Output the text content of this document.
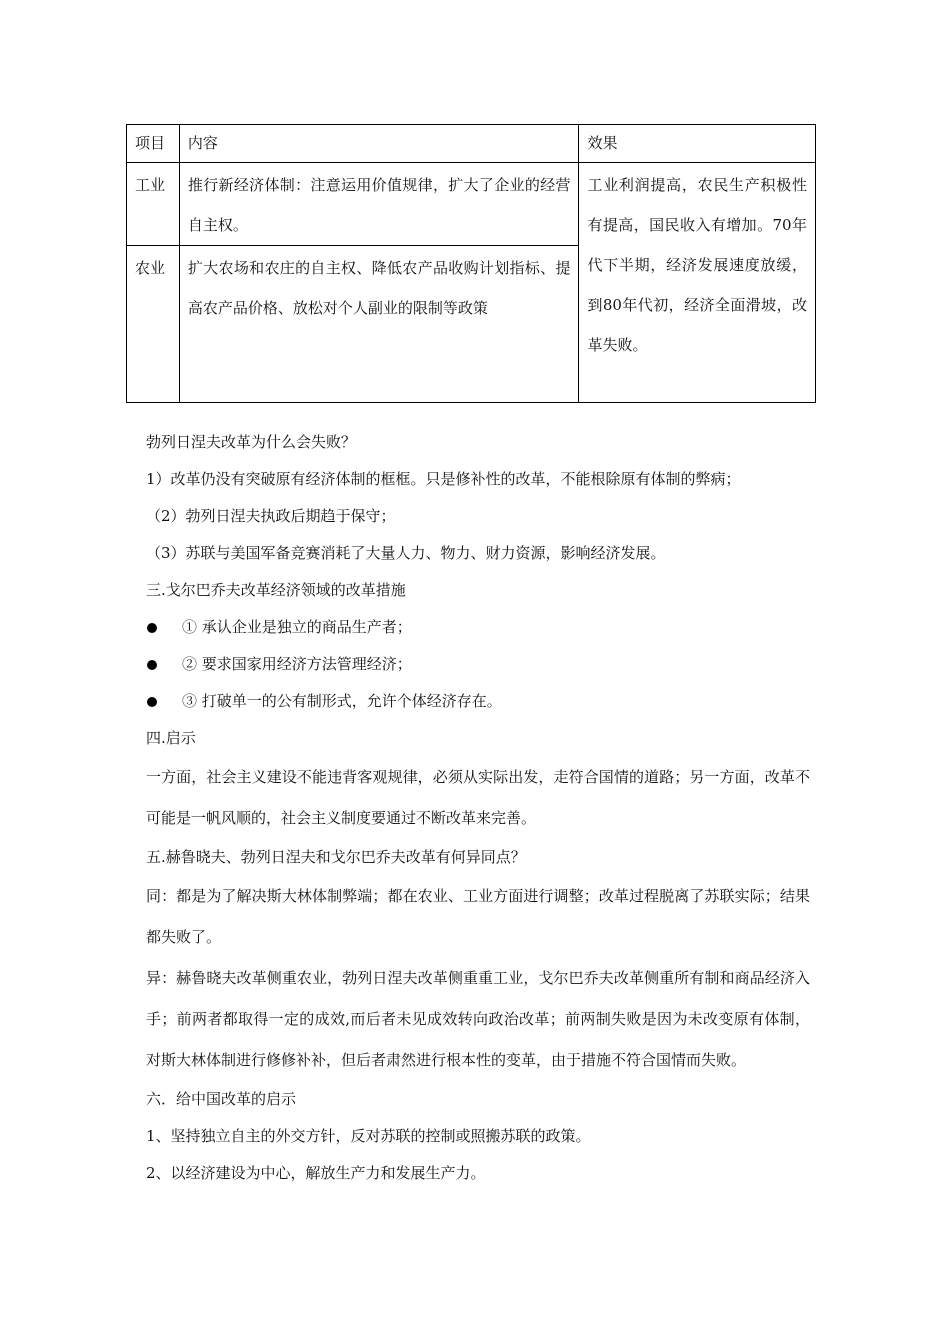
项目	内容	效果
工业	推行新经济体制：注意运用价值规律，扩大了企业的经营自主权。	工业利润提高，农民生产积极性有提高，国民收入有增加。70年代下半期，经济发展速度放缓，到80年代初，经济全面滑坡，改革失败。
农业	扩大农场和农庄的自主权、降低农产品收购计划指标、提高农产品价格、放松对个人副业的限制等政策	

勃列日涅夫改革为什么会失败？

1）改革仍没有突破原有经济体制的框框。只是修补性的改革，不能根除原有体制的弊病；

（2）勃列日涅夫执政后期趋于保守；

（3）苏联与美国军备竞赛消耗了大量人力、物力、财力资源，影响经济发展。

三.戈尔巴乔夫改革经济领域的改革措施

① 承认企业是独立的商品生产者；
② 要求国家用经济方法管理经济；
③ 打破单一的公有制形式，允许个体经济存在。

四.启示

一方面，社会主义建设不能违背客观规律，必须从实际出发，走符合国情的道路；另一方面，改革不可能是一帆风顺的，社会主义制度要通过不断改革来完善。

五.赫鲁晓夫、勃列日涅夫和戈尔巴乔夫改革有何异同点？

同：都是为了解决斯大林体制弊端；都在农业、工业方面进行调整；改革过程脱离了苏联实际；结果都失败了。

异：赫鲁晓夫改革侧重农业，勃列日涅夫改革侧重重工业，戈尔巴乔夫改革侧重所有制和商品经济入手；前两者都取得一定的成效,而后者未见成效转向政治改革；前两制失败是因为未改变原有体制，对斯大林体制进行修修补补，但后者肃然进行根本性的变革，由于措施不符合国情而失败。

六．给中国改革的启示

1、坚持独立自主的外交方针，反对苏联的控制或照搬苏联的政策。

2、以经济建设为中心，解放生产力和发展生产力。
